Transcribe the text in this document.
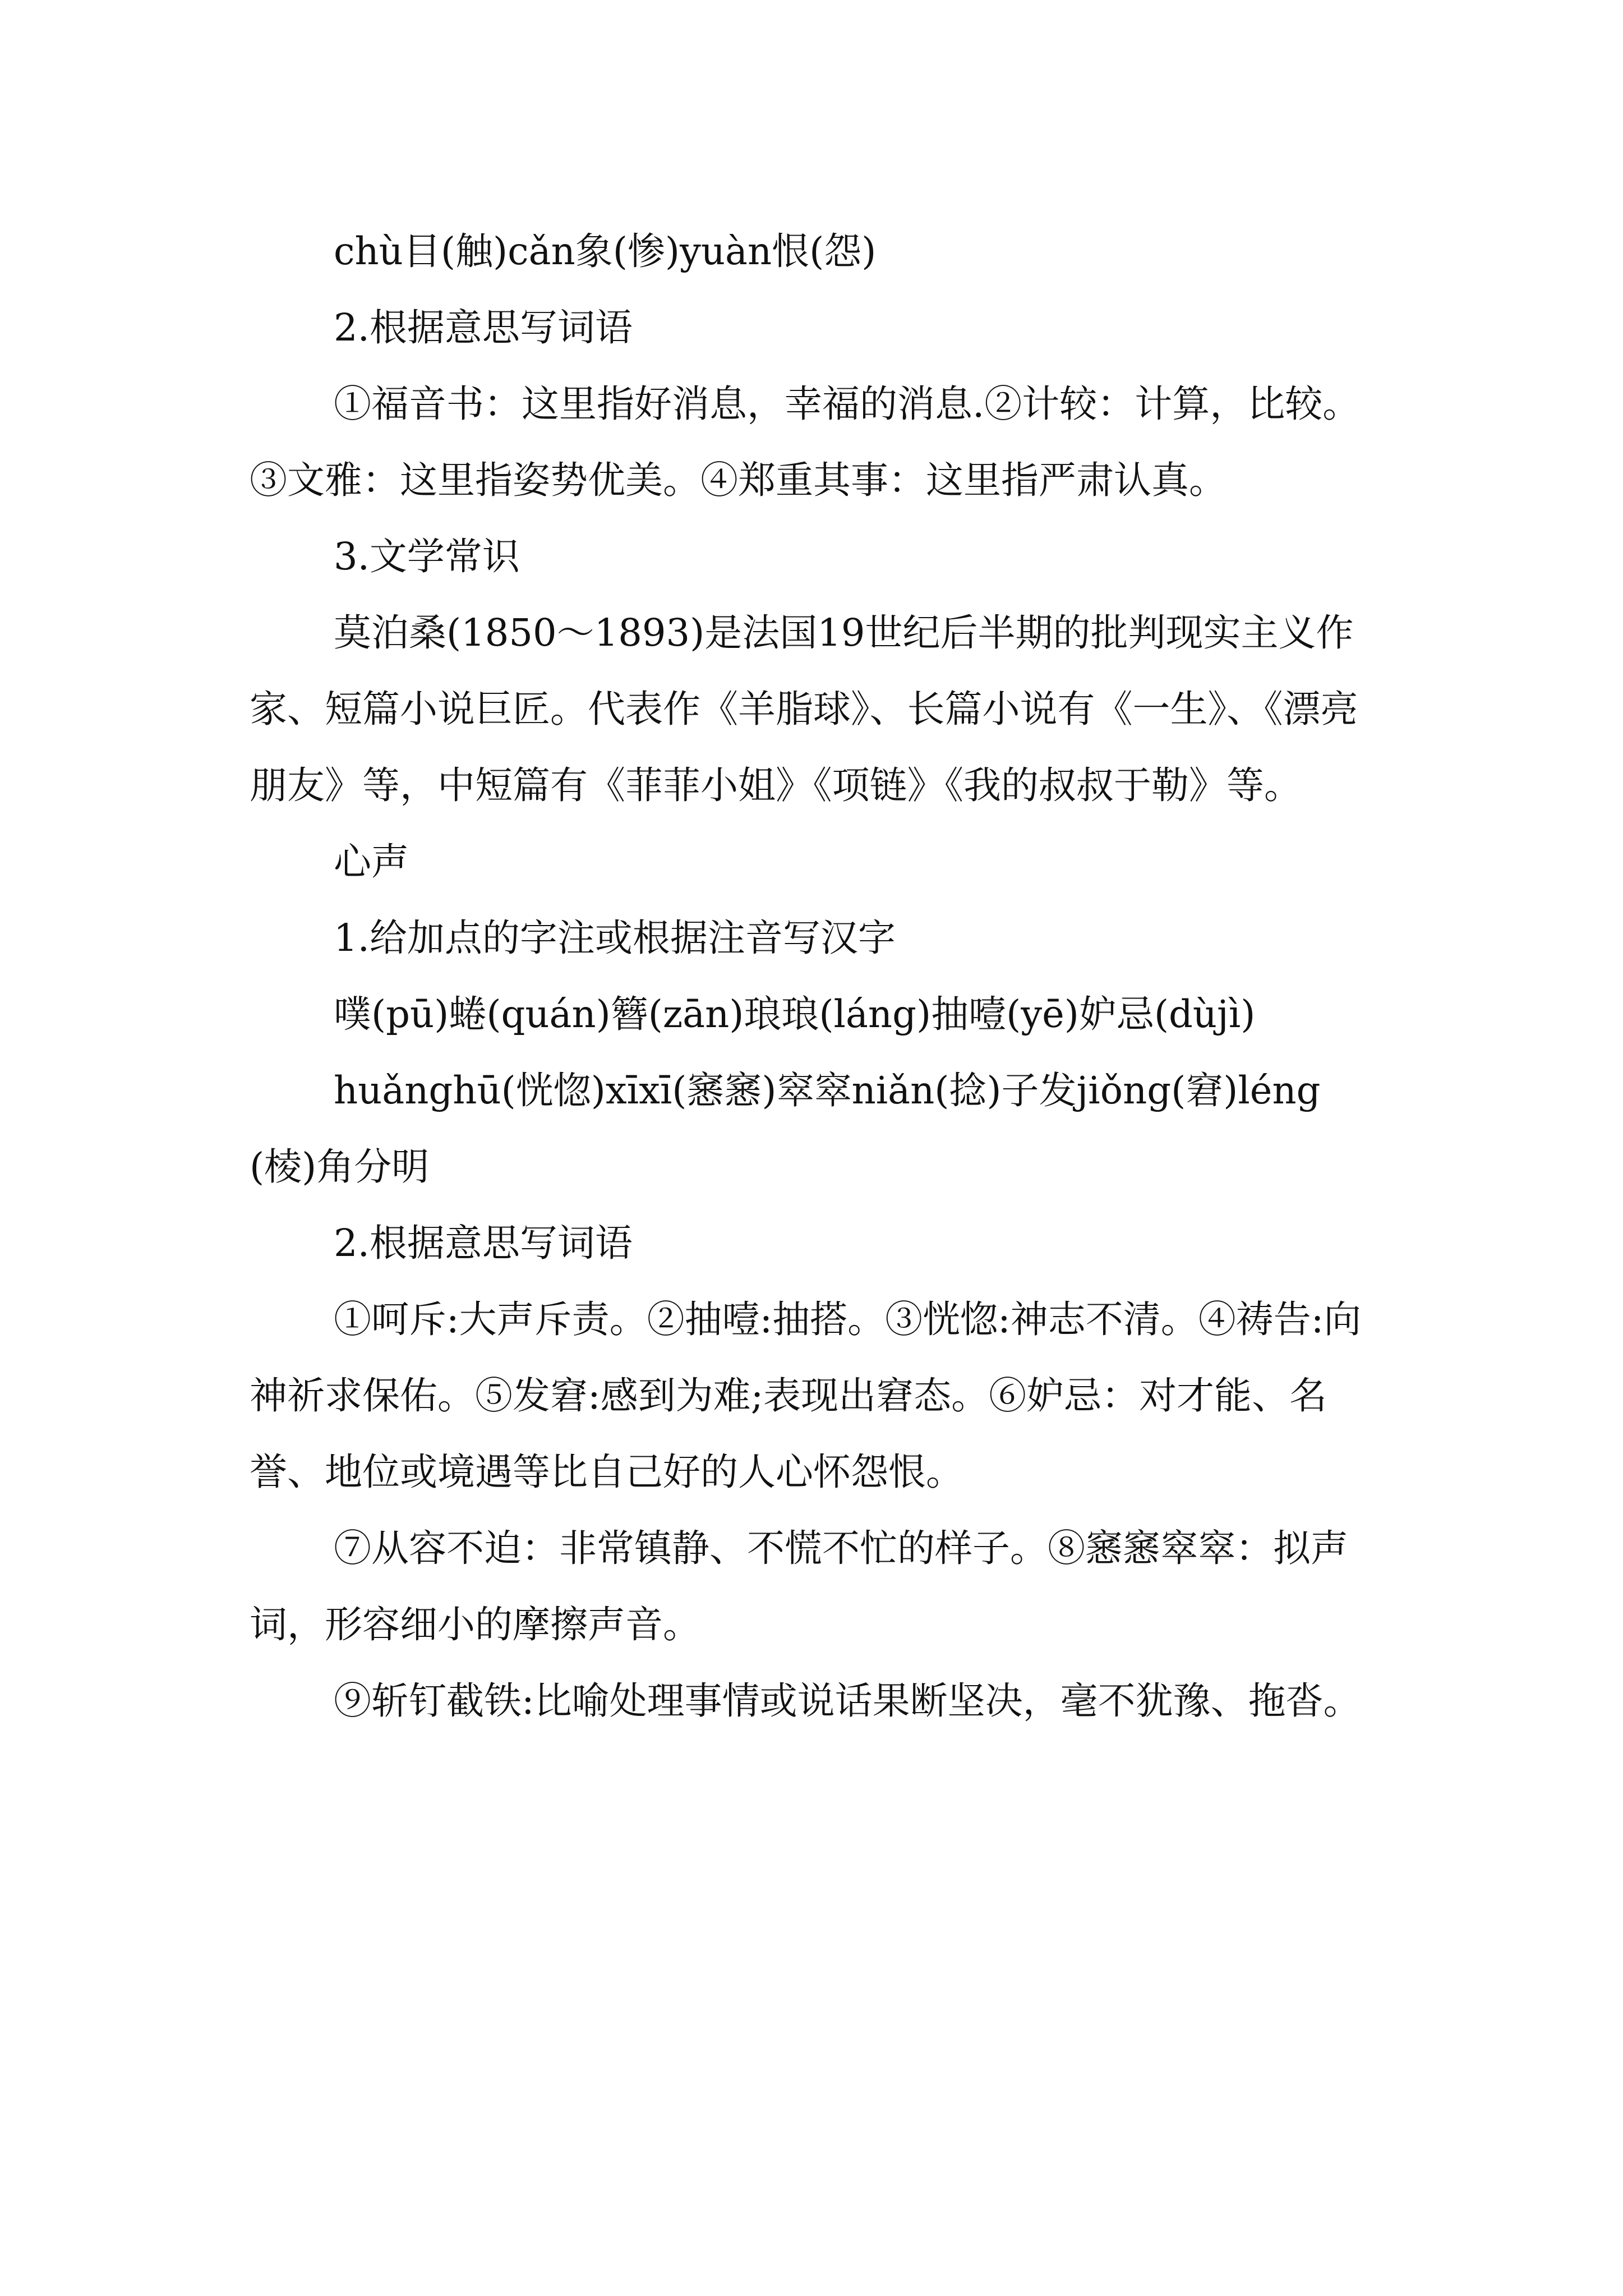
chù目(触)cǎn象(惨)yuàn恨(怨)

2.根据意思写词语

①福音书：这里指好消息，幸福的消息.②计较：计算，比较。③文雅：这里指姿势优美。④郑重其事：这里指严肃认真。

3.文学常识

莫泊桑(1850～1893)是法国19世纪后半期的批判现实主义作家、短篇小说巨匠。代表作《羊脂球》、长篇小说有《一生》、《漂亮朋友》等，中短篇有《菲菲小姐》《项链》《我的叔叔于勒》等。

心声

1.给加点的字注或根据注音写汉字

噗(pū)蜷(quán)簪(zān)琅琅(láng)抽噎(yē)妒忌(dùjì)

huǎnghū(恍惚)xīxī(窸窸)窣窣niǎn(捻)子发jiǒng(窘)léng(棱)角分明

2.根据意思写词语

①呵斥:大声斥责。②抽噎:抽搭。③恍惚:神志不清。④祷告:向神祈求保佑。⑤发窘:感到为难;表现出窘态。⑥妒忌：对才能、名誉、地位或境遇等比自己好的人心怀怨恨。

⑦从容不迫：非常镇静、不慌不忙的样子。⑧窸窸窣窣：拟声词，形容细小的摩擦声音。

⑨斩钉截铁:比喻处理事情或说话果断坚决，毫不犹豫、拖沓。
